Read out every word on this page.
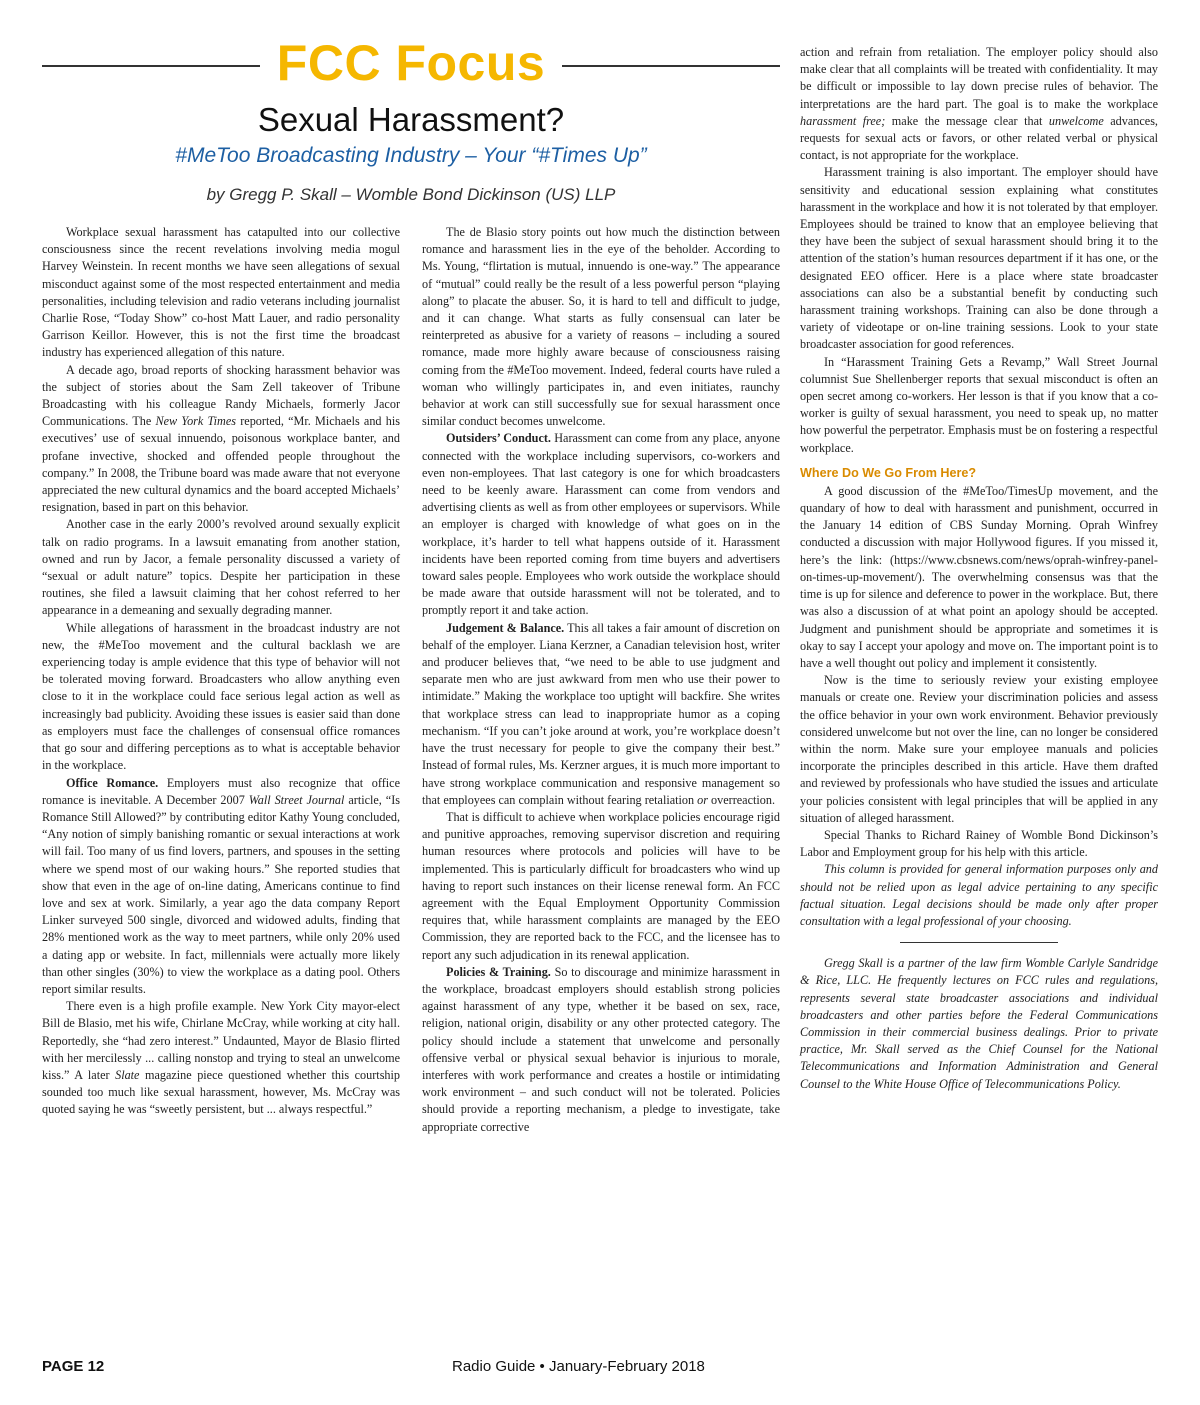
FCC Focus
Sexual Harassment?
#MeToo Broadcasting Industry – Your “#Times Up”
by Gregg P. Skall – Womble Bond Dickinson (US) LLP

Workplace sexual harassment has catapulted into our collective consciousness since the recent revelations involving media mogul Harvey Weinstein. In recent months we have seen allegations of sexual misconduct against some of the most respected entertainment and media personalities, including television and radio veterans including journalist Charlie Rose, “Today Show” co-host Matt Lauer, and radio personality Garrison Keillor. However, this is not the first time the broadcast industry has experienced allegation of this nature.

A decade ago, broad reports of shocking harassment behavior was the subject of stories about the Sam Zell takeover of Tribune Broadcasting with his colleague Randy Michaels, formerly Jacor Communications. The New York Times reported, “Mr. Michaels and his executives’ use of sexual innuendo, poisonous workplace banter, and profane invective, shocked and offended people throughout the company.” In 2008, the Tribune board was made aware that not everyone appreciated the new cultural dynamics and the board accepted Michaels’ resignation, based in part on this behavior.

Another case in the early 2000’s revolved around sexually explicit talk on radio programs. In a lawsuit emanating from another station, owned and run by Jacor, a female personality discussed a variety of “sexual or adult nature” topics. Despite her participation in these routines, she filed a lawsuit claiming that her cohost referred to her appearance in a demeaning and sexually degrading manner.

While allegations of harassment in the broadcast industry are not new, the #MeToo movement and the cultural backlash we are experiencing today is ample evidence that this type of behavior will not be tolerated moving forward. Broadcasters who allow anything even close to it in the workplace could face serious legal action as well as increasingly bad publicity. Avoiding these issues is easier said than done as employers must face the challenges of consensual office romances that go sour and differing perceptions as to what is acceptable behavior in the workplace.

Office Romance. Employers must also recognize that office romance is inevitable. A December 2007 Wall Street Journal article, “Is Romance Still Allowed?” by contributing editor Kathy Young concluded, “Any notion of simply banishing romantic or sexual interactions at work will fail. Too many of us find lovers, partners, and spouses in the setting where we spend most of our waking hours.” She reported studies that show that even in the age of on-line dating, Americans continue to find love and sex at work. Similarly, a year ago the data company Report Linker surveyed 500 single, divorced and widowed adults, finding that 28% mentioned work as the way to meet partners, while only 20% used a dating app or website. In fact, millennials were actually more likely than other singles (30%) to view the workplace as a dating pool. Others report similar results.

There even is a high profile example. New York City mayor-elect Bill de Blasio, met his wife, Chirlane McCray, while working at city hall. Reportedly, she “had zero interest.” Undaunted, Mayor de Blasio flirted with her mercilessly ... calling nonstop and trying to steal an unwelcome kiss.” A later Slate magazine piece questioned whether this courtship sounded too much like sexual harassment, however, Ms. McCray was quoted saying he was “sweetly persistent, but ... always respectful.”

The de Blasio story points out how much the distinction between romance and harassment lies in the eye of the beholder. According to Ms. Young, “flirtation is mutual, innuendo is one-way.” The appearance of “mutual” could really be the result of a less powerful person “playing along” to placate the abuser. So, it is hard to tell and difficult to judge, and it can change. What starts as fully consensual can later be reinterpreted as abusive for a variety of reasons – including a soured romance, made more highly aware because of consciousness raising coming from the #MeToo movement. Indeed, federal courts have ruled a woman who willingly participates in, and even initiates, raunchy behavior at work can still successfully sue for sexual harassment once similar conduct becomes unwelcome.

Outsiders’ Conduct. Harassment can come from any place, anyone connected with the workplace including supervisors, co-workers and even non-employees. That last category is one for which broadcasters need to be keenly aware. Harassment can come from vendors and advertising clients as well as from other employees or supervisors. While an employer is charged with knowledge of what goes on in the workplace, it’s harder to tell what happens outside of it. Harassment incidents have been reported coming from time buyers and advertisers toward sales people. Employees who work outside the workplace should be made aware that outside harassment will not be tolerated, and to promptly report it and take action.

Judgement & Balance. This all takes a fair amount of discretion on behalf of the employer. Liana Kerzner, a Canadian television host, writer and producer believes that, “we need to be able to use judgment and separate men who are just awkward from men who use their power to intimidate.” Making the workplace too uptight will backfire. She writes that workplace stress can lead to inappropriate humor as a coping mechanism. “If you can’t joke around at work, you’re workplace doesn’t have the trust necessary for people to give the company their best.” Instead of formal rules, Ms. Kerzner argues, it is much more important to have strong workplace communication and responsive management so that employees can complain without fearing retaliation or overreaction.

That is difficult to achieve when workplace policies encourage rigid and punitive approaches, removing supervisor discretion and requiring human resources where protocols and policies will have to be implemented. This is particularly difficult for broadcasters who wind up having to report such instances on their license renewal form. An FCC agreement with the Equal Employment Opportunity Commission requires that, while harassment complaints are managed by the EEO Commission, they are reported back to the FCC, and the licensee has to report any such adjudication in its renewal application.

Policies & Training. So to discourage and minimize harassment in the workplace, broadcast employers should establish strong policies against harassment of any type, whether it be based on sex, race, religion, national origin, disability or any other protected category. The policy should include a statement that unwelcome and personally offensive verbal or physical sexual behavior is injurious to morale, interferes with work performance and creates a hostile or intimidating work environment – and such conduct will not be tolerated. Policies should provide a reporting mechanism, a pledge to investigate, take appropriate corrective

action and refrain from retaliation. The employer policy should also make clear that all complaints will be treated with confidentiality. It may be difficult or impossible to lay down precise rules of behavior. The interpretations are the hard part. The goal is to make the workplace harassment free; make the message clear that unwelcome advances, requests for sexual acts or favors, or other related verbal or physical contact, is not appropriate for the workplace.

Harassment training is also important. The employer should have sensitivity and educational session explaining what constitutes harassment in the workplace and how it is not tolerated by that employer. Employees should be trained to know that an employee believing that they have been the subject of sexual harassment should bring it to the attention of the station’s human resources department if it has one, or the designated EEO officer. Here is a place where state broadcaster associations can also be a substantial benefit by conducting such harassment training workshops. Training can also be done through a variety of videotape or on-line training sessions. Look to your state broadcaster association for good references.

In “Harassment Training Gets a Revamp,” Wall Street Journal columnist Sue Shellenberger reports that sexual misconduct is often an open secret among co-workers. Her lesson is that if you know that a co-worker is guilty of sexual harassment, you need to speak up, no matter how powerful the perpetrator. Emphasis must be on fostering a respectful workplace.

Where Do We Go From Here?

A good discussion of the #MeToo/TimesUp movement, and the quandary of how to deal with harassment and punishment, occurred in the January 14 edition of CBS Sunday Morning. Oprah Winfrey conducted a discussion with major Hollywood figures. If you missed it, here’s the link: (https://www.cbsnews.com/news/oprah-winfrey-panel-on-times-up-movement/). The overwhelming consensus was that the time is up for silence and deference to power in the workplace. But, there was also a discussion of at what point an apology should be accepted. Judgment and punishment should be appropriate and sometimes it is okay to say I accept your apology and move on. The important point is to have a well thought out policy and implement it consistently.

Now is the time to seriously review your existing employee manuals or create one. Review your discrimination policies and assess the office behavior in your own work environment. Behavior previously considered unwelcome but not over the line, can no longer be considered within the norm. Make sure your employee manuals and policies incorporate the principles described in this article. Have them drafted and reviewed by professionals who have studied the issues and articulate your policies consistent with legal principles that will be applied in any situation of alleged harassment.

Special Thanks to Richard Rainey of Womble Bond Dickinson’s Labor and Employment group for his help with this article.

This column is provided for general information purposes only and should not be relied upon as legal advice pertaining to any specific factual situation. Legal decisions should be made only after proper consultation with a legal professional of your choosing.

Gregg Skall is a partner of the law firm Womble Carlyle Sandridge & Rice, LLC. He frequently lectures on FCC rules and regulations, represents several state broadcaster associations and individual broadcasters and other parties before the Federal Communications Commission in their commercial business dealings. Prior to private practice, Mr. Skall served as the Chief Counsel for the National Telecommunications and Information Administration and General Counsel to the White House Office of Telecommunications Policy.

PAGE 12	Radio Guide • January-February 2018
